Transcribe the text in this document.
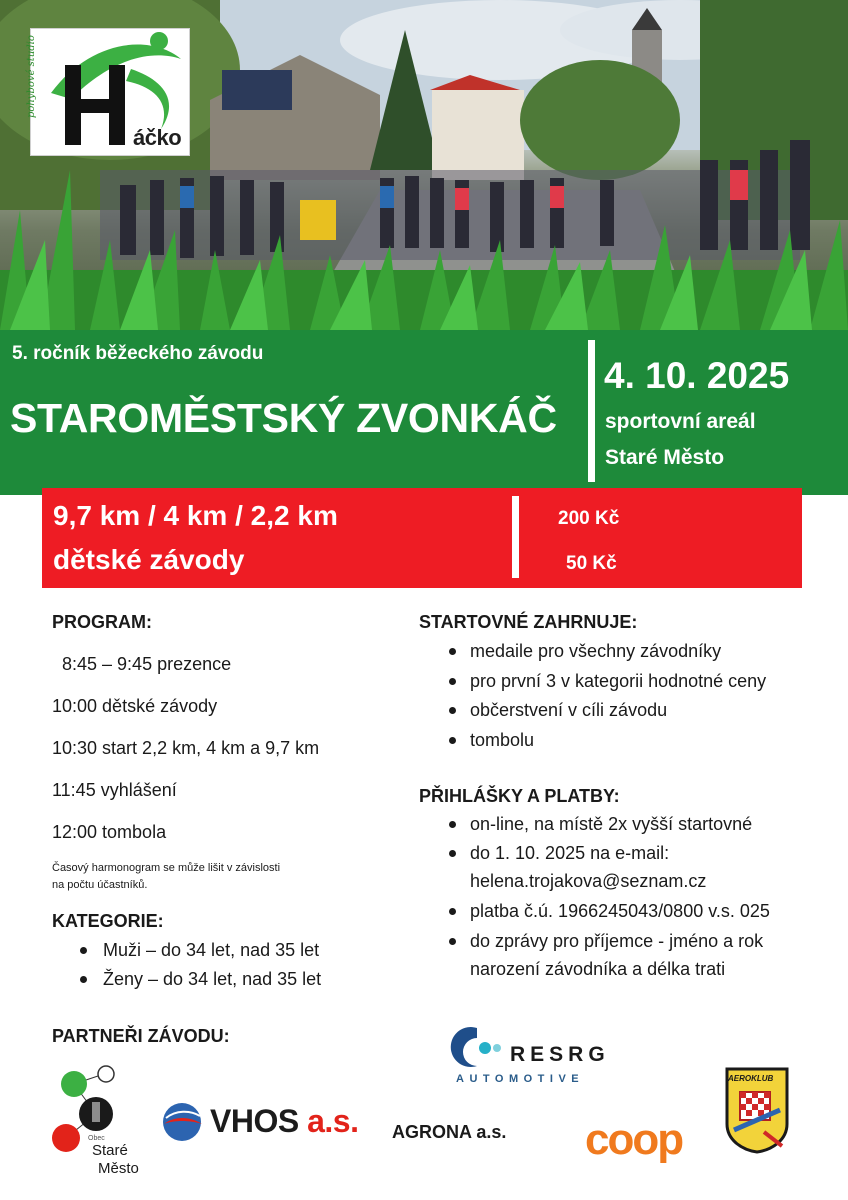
áčko
pohybové studio
5. ročník běžeckého závodu
STAROMĚSTSKÝ ZVONKÁČ
4. 10. 2025
sportovní areál
Staré Město
9,7 km / 4 km / 2,2 km
dětské závody
200 Kč
50 Kč
PROGRAM:
8:45 – 9:45 prezence
10:00 dětské závody
10:30 start 2,2 km, 4 km a 9,7 km
11:45 vyhlášení
12:00 tombola
Časový harmonogram se může lišit v závislosti
na počtu účastníků.
KATEGORIE:
Muži – do 34 let, nad 35 let
Ženy – do 34 let, nad 35 let
STARTOVNÉ ZAHRNUJE:
medaile pro všechny závodníky
pro první 3 v kategorii hodnotné ceny
občerstvení v cíli závodu
tombolu
PŘIHLÁŠKY A PLATBY:
on-line, na místě 2x vyšší startovné
do 1. 10. 2025 na e-mail:
helena.trojakova@seznam.cz
platba č.ú. 1966245043/0800 v.s. 025
do zprávy pro příjemce - jméno a rok
narození závodníka a délka trati
PARTNEŘI ZÁVODU:
Obec
Staré
Město
VHOS a.s. AGRONA a.s.
RESRG
AUTOMOTIVE
coop
AEROKLUB
